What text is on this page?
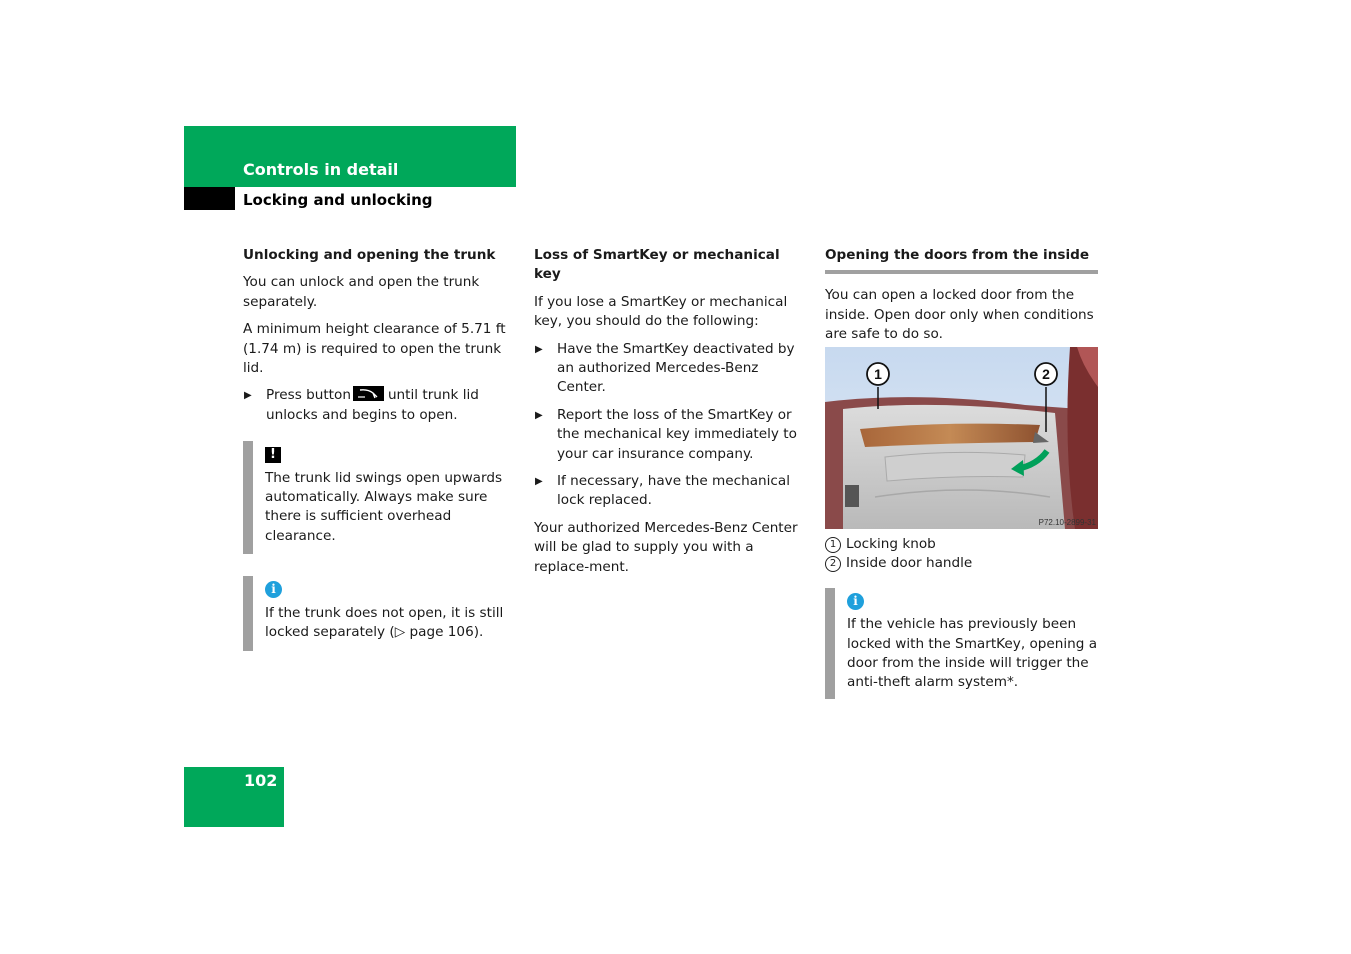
Controls in detail
Locking and unlocking
Unlocking and opening the trunk
You can unlock and open the trunk separately.
A minimum height clearance of 5.71 ft (1.74 m) is required to open the trunk lid.
▶ Press button	until trunk lid unlocks and begins to open.
!
The trunk lid swings open upwards automatically. Always make sure there is sufficient overhead clearance.
i
If the trunk does not open, it is still locked separately (▷ page 106).
Loss of SmartKey or mechanical key
If you lose a SmartKey or mechanical key, you should do the following:
▶ Have the SmartKey deactivated by an authorized Mercedes-Benz Center.
▶ Report the loss of the SmartKey or the mechanical key immediately to your car insurance company.
▶ If necessary, have the mechanical lock replaced.
Your authorized Mercedes-Benz Center will be glad to supply you with a replace-ment.
Opening the doors from the inside
You can open a locked door from the inside. Open door only when conditions are safe to do so.
1	2
P72.10-2899-31
1 Locking knob
2 Inside door handle
i
If the vehicle has previously been locked with the SmartKey, opening a door from the inside will trigger the anti-theft alarm system*.
102
